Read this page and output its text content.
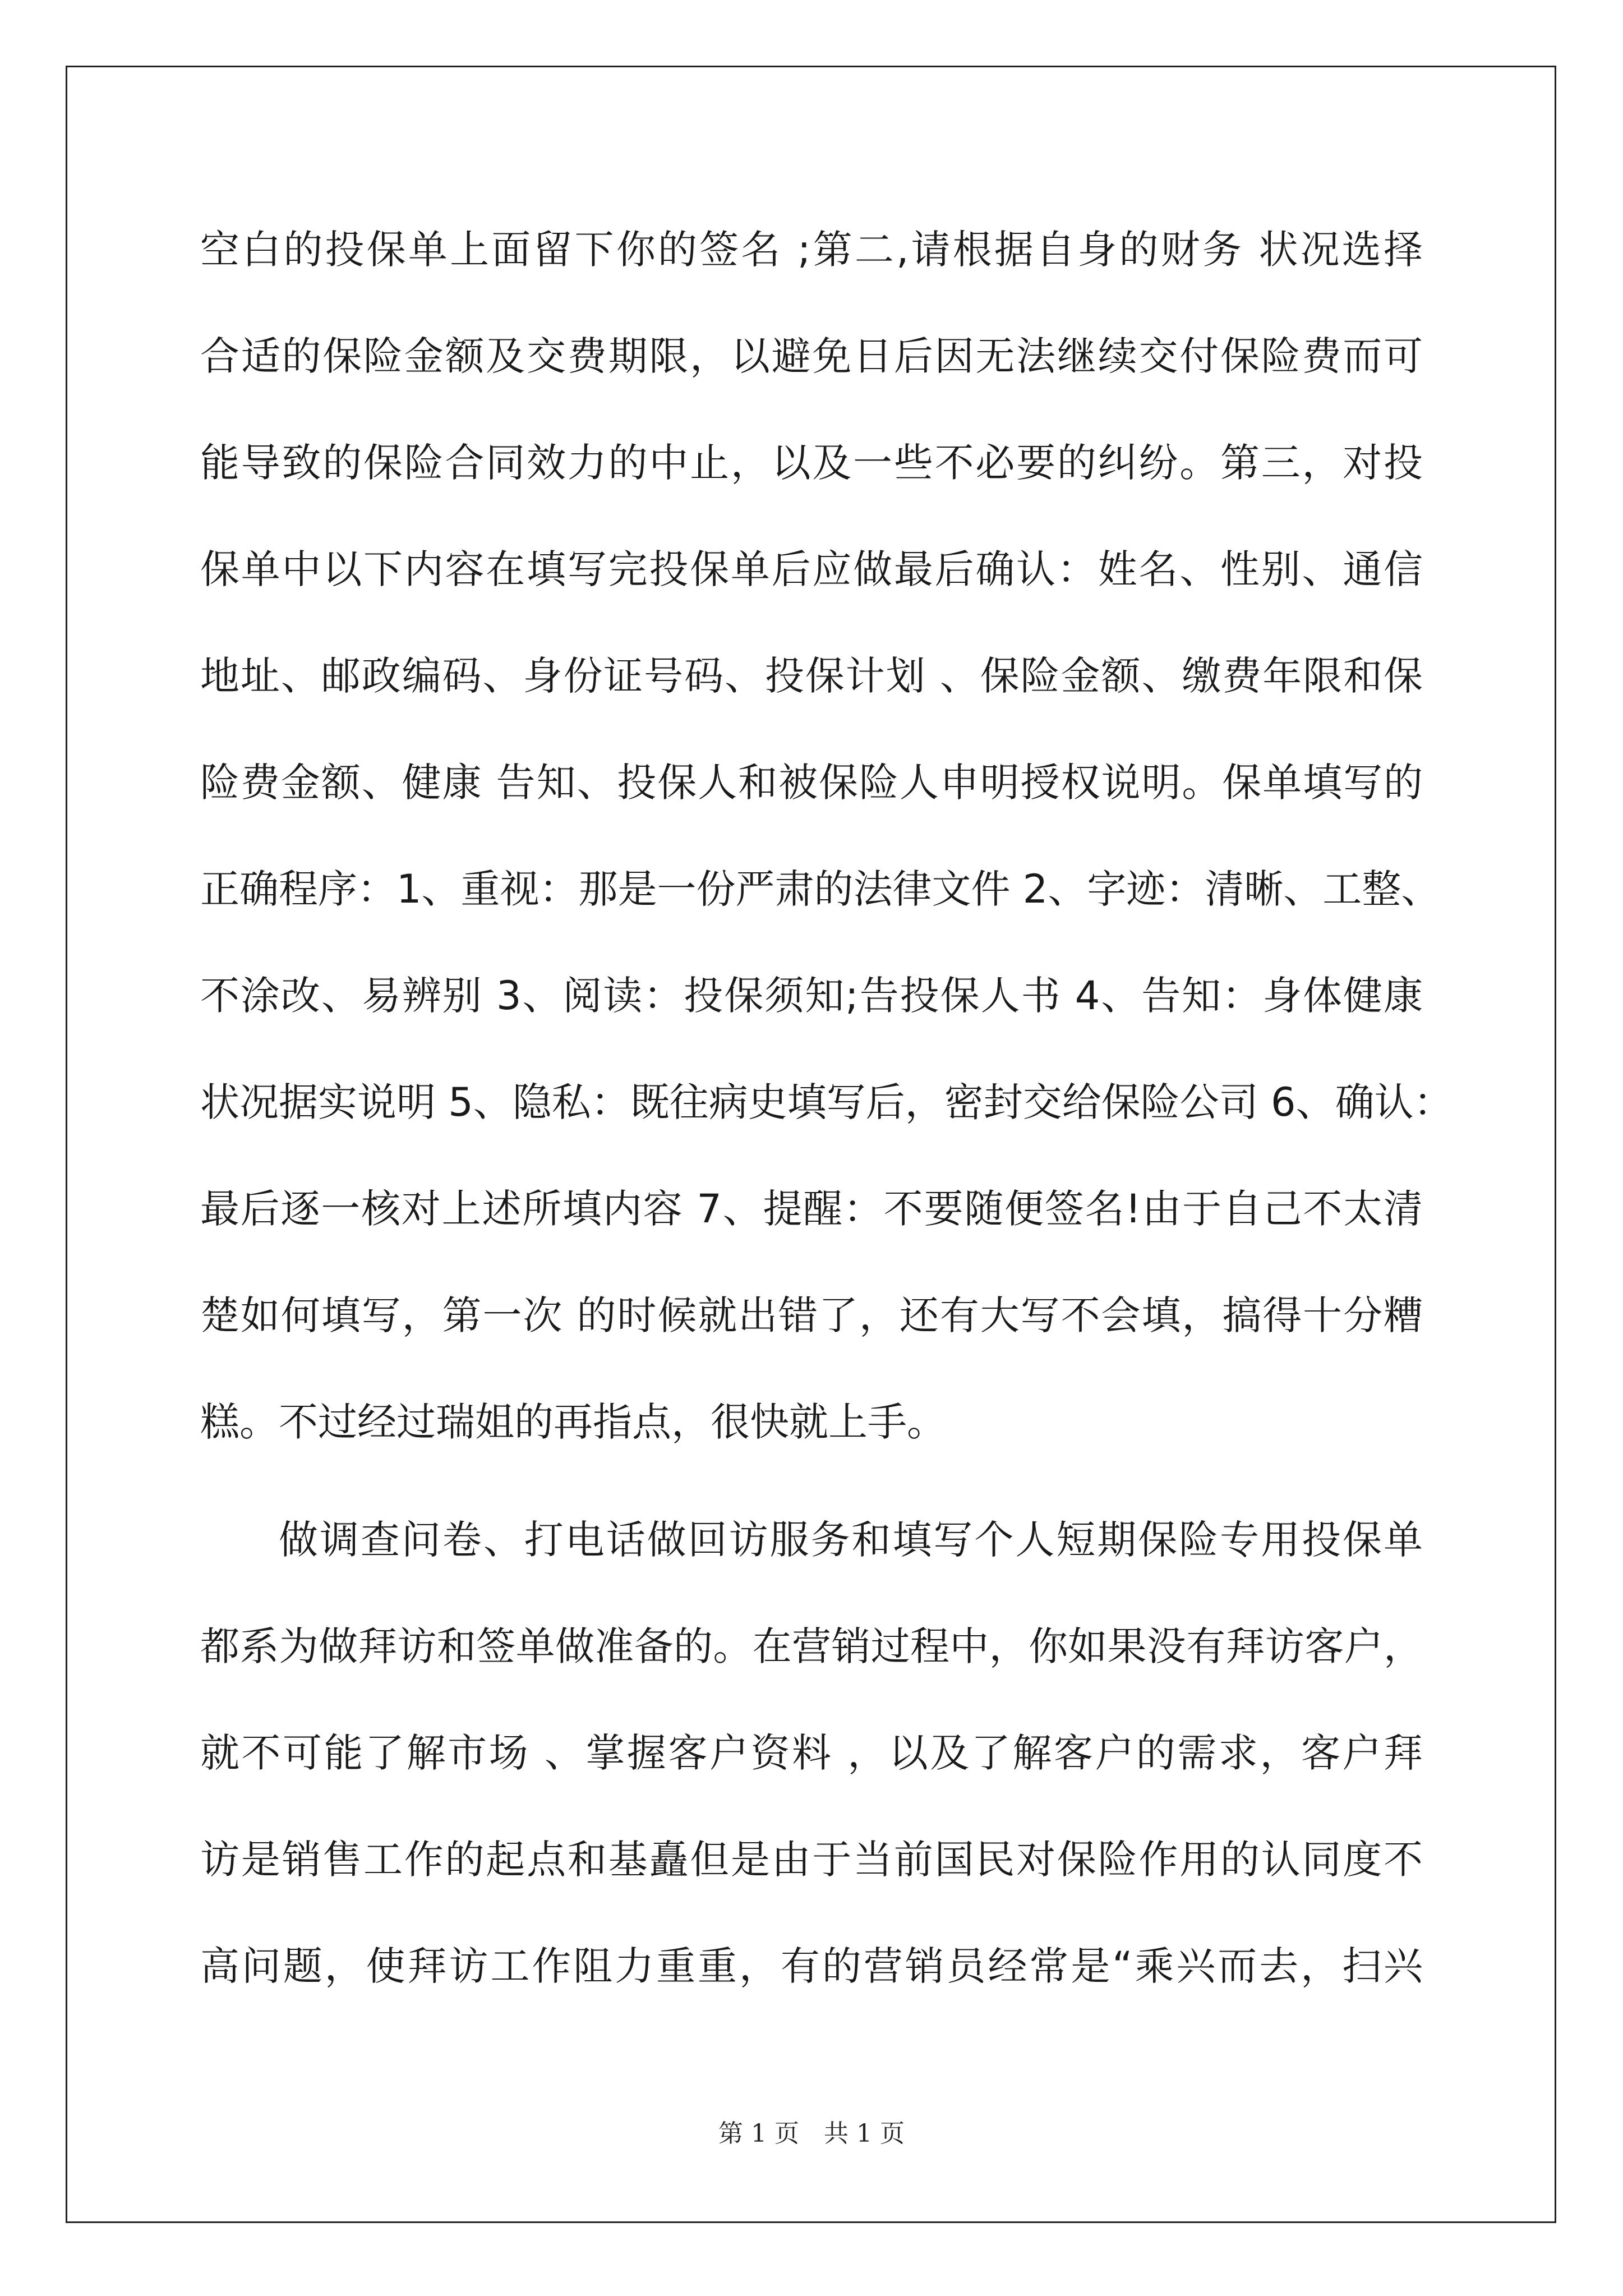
空白的投保单上面留下你的签名 ;第二,请根据自身的财务 状况选择
合适的保险金额及交费期限，以避免日后因无法继续交付保险费而可
能导致的保险合同效力的中止，以及一些不必要的纠纷。第三，对投
保单中以下内容在填写完投保单后应做最后确认：姓名、性别、通信
地址、邮政编码、身份证号码、投保计划 、保险金额、缴费年限和保
险费金额、健康 告知、投保人和被保险人申明授权说明。保单填写的
正确程序：1、重视：那是一份严肃的法律文件 2、字迹：清晰、工整、
不涂改、易辨别 3、阅读：投保须知;告投保人书 4、告知：身体健康
状况据实说明 5、隐私：既往病史填写后，密封交给保险公司 6、确认：
最后逐一核对上述所填内容 7、提醒：不要随便签名!由于自己不太清
楚如何填写，第一次 的时候就出错了，还有大写不会填，搞得十分糟
糕。不过经过瑞姐的再指点，很快就上手。
做调查问卷、打电话做回访服务和填写个人短期保险专用投保单
都系为做拜访和签单做准备的。在营销过程中，你如果没有拜访客户，
就不可能了解市场 、掌握客户资料 ，以及了解客户的需求，客户拜
访是销售工作的起点和基矗但是由于当前国民对保险作用的认同度不
高问题，使拜访工作阻力重重，有的营销员经常是“乘兴而去，扫兴
第 1 页　共 1 页
